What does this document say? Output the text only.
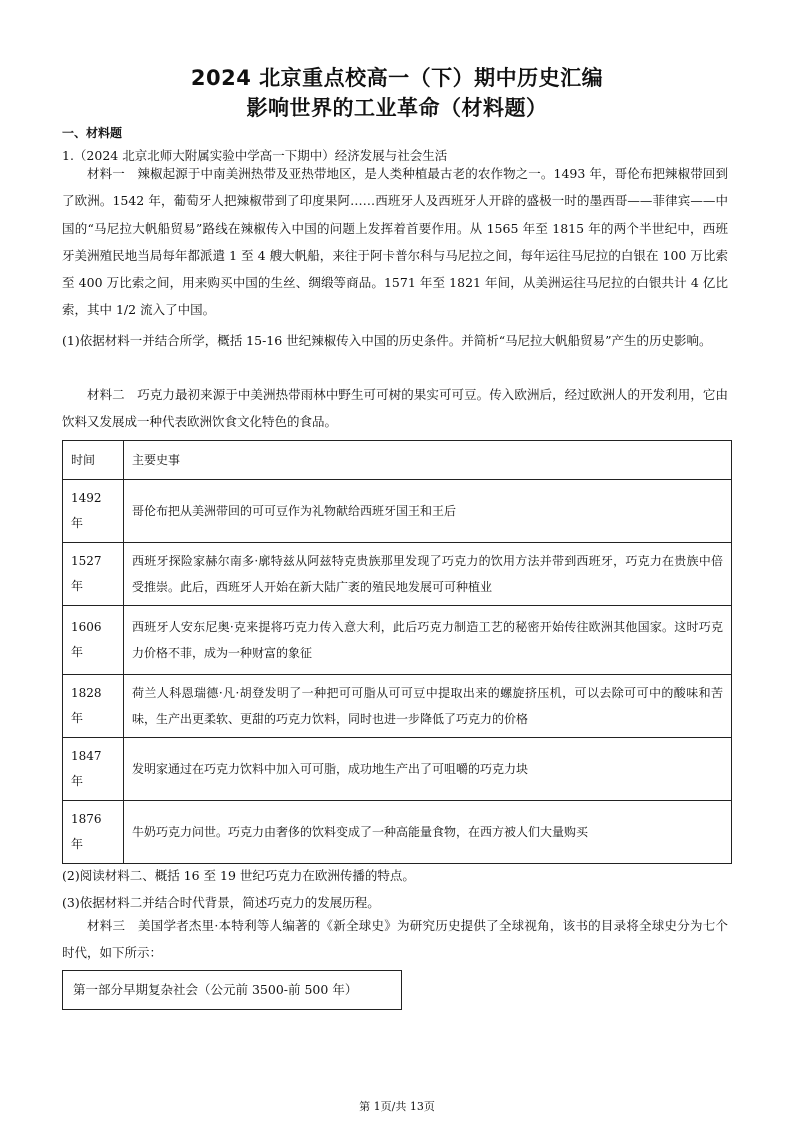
2024 北京重点校高一（下）期中历史汇编
影响世界的工业革命（材料题）
一、材料题
1.（2024 北京北师大附属实验中学高一下期中）经济发展与社会生活

材料一　辣椒起源于中南美洲热带及亚热带地区，是人类种植最古老的农作物之一。1493 年，哥伦布把辣椒带回到了欧洲。1542 年，葡萄牙人把辣椒带到了印度果阿……西班牙人及西班牙人开辟的盛极一时的墨西哥——菲律宾——中国的“马尼拉大帆船贸易”路线在辣椒传入中国的问题上发挥着首要作用。从 1565 年至 1815 年的两个半世纪中，西班牙美洲殖民地当局每年都派遣 1 至 4 艘大帆船，来往于阿卡普尔科与马尼拉之间，每年运往马尼拉的白银在 100 万比索至 400 万比索之间，用来购买中国的生丝、绸缎等商品。1571 年至 1821 年间，从美洲运往马尼拉的白银共计 4 亿比索，其中 1/2 流入了中国。

(1)依据材料一并结合所学，概括 15-16 世纪辣椒传入中国的历史条件。并简析“马尼拉大帆船贸易”产生的历史影响。

材料二　巧克力最初来源于中美洲热带雨林中野生可可树的果实可可豆。传入欧洲后，经过欧洲人的开发利用，它由饮料又发展成一种代表欧洲饮食文化特色的食品。

时间	主要史事

1492
年	哥伦布把从美洲带回的可可豆作为礼物献给西班牙国王和王后

1527
年	西班牙探险家赫尔南多·廓特兹从阿兹特克贵族那里发现了巧克力的饮用方法并带到西班牙，巧克力在贵族中倍受推崇。此后，西班牙人开始在新大陆广袤的殖民地发展可可种植业

1606
年	西班牙人安东尼奥·克来提将巧克力传入意大利，此后巧克力制造工艺的秘密开始传往欧洲其他国家。这时巧克力价格不菲，成为一种财富的象征

1828
年	荷兰人科恩瑞德·凡·胡登发明了一种把可可脂从可可豆中提取出来的螺旋挤压机，可以去除可可中的酸味和苦味，生产出更柔软、更甜的巧克力饮料，同时也进一步降低了巧克力的价格

1847
年	发明家通过在巧克力饮料中加入可可脂，成功地生产出了可咀嚼的巧克力块

1876
年	牛奶巧克力问世。巧克力由奢侈的饮料变成了一种高能量食物，在西方被人们大量购买
(2)阅读材料二、概括 16 至 19 世纪巧克力在欧洲传播的特点。
(3)依据材料二并结合时代背景，简述巧克力的发展历程。

材料三　美国学者杰里·本特利等人编著的《新全球史》为研究历史提供了全球视角，该书的目录将全球史分为七个时代，如下所示：

第一部分早期复杂社会（公元前 3500-前 500 年）
第 1页/共 13页
